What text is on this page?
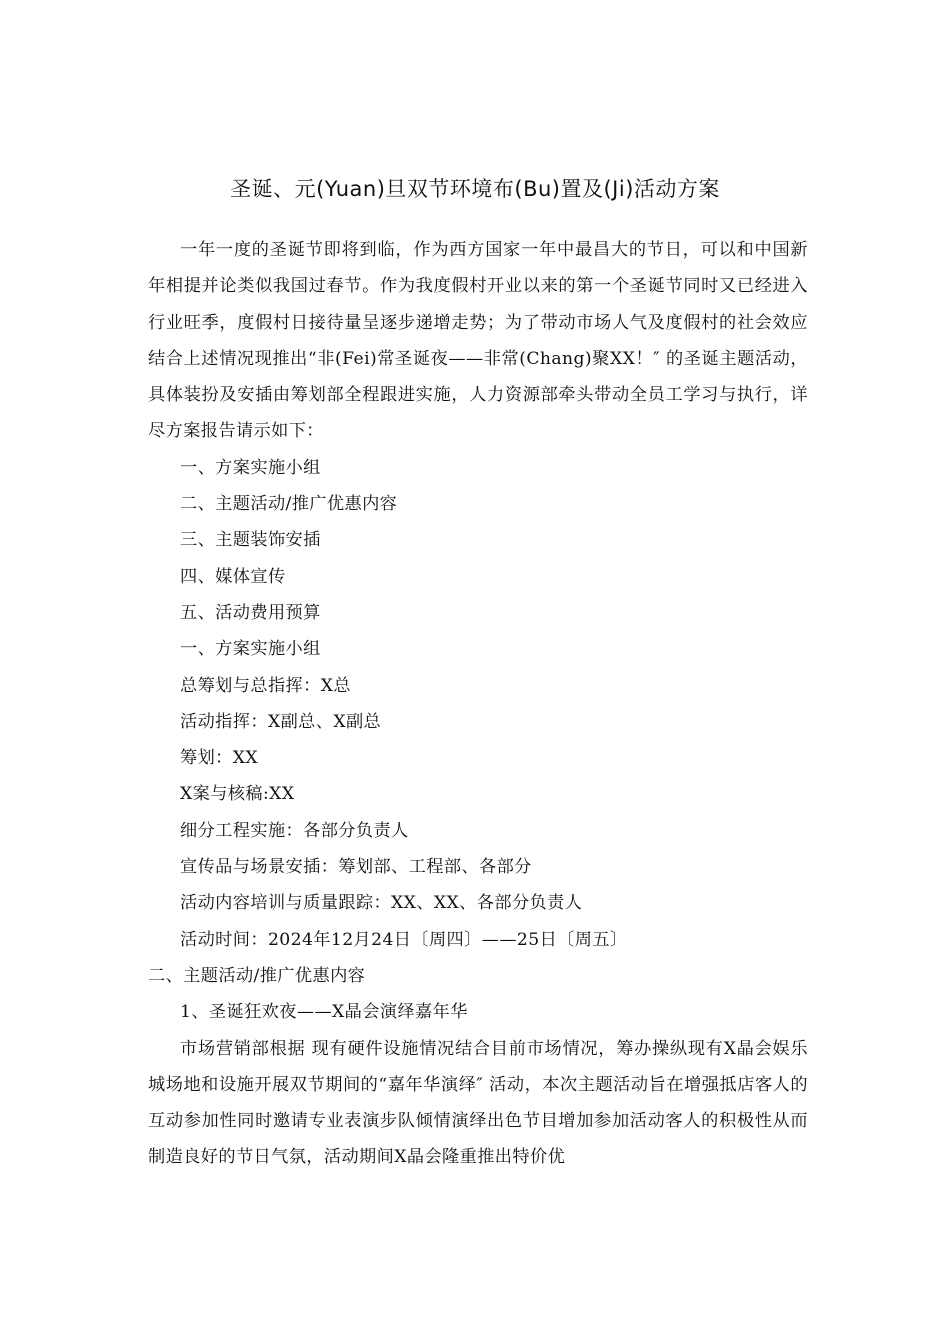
圣诞、元(Yuan)旦双节环境布(Bu)置及(Ji)活动方案

一年一度的圣诞节即将到临，作为西方国家一年中最昌大的节日，可以和中国新年相提并论类似我国过春节。作为我度假村开业以来的第一个圣诞节同时又已经进入行业旺季，度假村日接待量呈逐步递增走势；为了带动市场人气及度假村的社会效应结合上述情况现推出“非(Fei)常圣诞夜——非常(Chang)聚XX！″ 的圣诞主题活动，具体装扮及安插由筹划部全程跟进实施，人力资源部牵头带动全员工学习与执行，详尽方案报告请示如下：

一、方案实施小组

二、主题活动/推广优惠内容

三、主题装饰安插

四、媒体宣传

五、活动费用预算

一、方案实施小组

总筹划与总指挥：X总

活动指挥：X副总、X副总

筹划：XX

X案与核稿:XX

细分工程实施：各部分负责人

宣传品与场景安插：筹划部、工程部、各部分

活动内容培训与质量跟踪：XX、XX、各部分负责人

活动时间：2024年12月24日〔周四〕——25日〔周五〕

二、主题活动/推广优惠内容

1、圣诞狂欢夜——X晶会演绎嘉年华

市场营销部根据 现有硬件设施情况结合目前市场情况，筹办操纵现有X晶会娱乐城场地和设施开展双节期间的“嘉年华演绎″ 活动，本次主题活动旨在增强抵店客人的互动参加性同时邀请专业表演步队倾情演绎出色节目增加参加活动客人的积极性从而制造良好的节日气氛，活动期间X晶会隆重推出特价优
